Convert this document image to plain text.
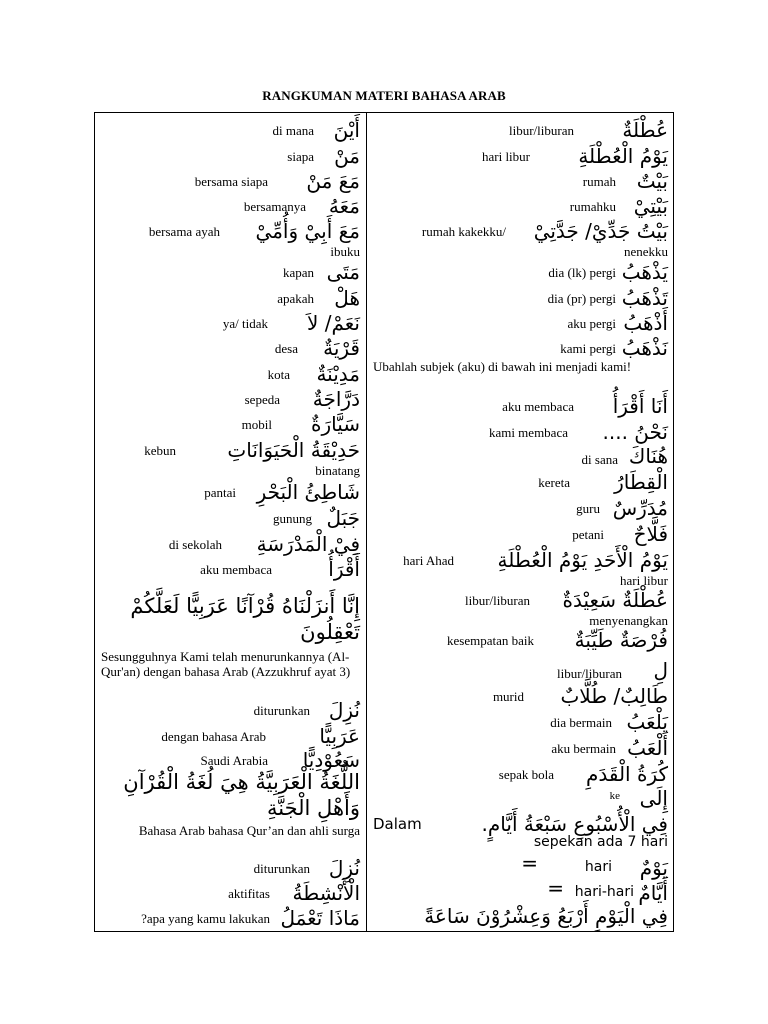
RANGKUMAN MATERI BAHASA ARAB
أَيْنَ
di mana
مَنْ
siapa
مَعَ مَنْ
bersama siapa
مَعَهُ
bersamanya
مَعَ أَبِيْ وَأُمِّيْ
bersama ayah
ibuku
مَتَى
kapan
هَلْ
apakah
نَعَمْ/ لاَ
ya/ tidak
قَرْيَةٌ
desa
مَدِيْنَةٌ
kota
دَرَّاجَةٌ
sepeda
سَيَّارَةٌ
mobil
حَدِيْقَةُ الْحَيَوَانَاتِ
kebun
binatang
شَاطِئُ الْبَحْرِ
pantai
جَبَلٌ
gunung
فِيْ الْمَدْرَسَةِ
di sekolah
أَقْرَأُ
aku membaca
إِنَّا أَنزَلْنَاهُ قُرْآنًا عَرَبِيًّا لَعَلَّكُمْ تَعْقِلُونَ
Sesungguhnya Kami telah menurunkannya (Al-Qur'an) dengan bahasa Arab (Azzukhruf ayat 3)
نُزِلَ
diturunkan
عَرَبِيًّا
dengan bahasa Arab
سَعُوْدِيًّا
Saudi Arabia
اللُّغَةُ الْعَرَبِيَّةُ هِيَ لُغَةُ الْقُرْآنِ وَأَهْلِ الْجَنَّةِ
Bahasa Arab bahasa Qur’an dan ahli surga
نُزِلَ
diturunkan
الْأَنْشِطَةُ
aktifitas
مَاذَا تَعْمَلُ
?apa yang kamu lakukan
عُطْلَةٌ
libur/liburan
يَوْمُ الْعُطْلَةِ
hari libur
بَيْتٌ
rumah
بَيْتِيْ
rumahku
بَيْتُ جَدِّيْ/ جَدَّتِيْ
rumah kakekku/
nenekku
يَذْهَبُ
dia (lk) pergi
تَذْهَبُ
dia (pr) pergi
أَذْهَبُ
aku pergi
نَذْهَبُ
kami pergi
Ubahlah subjek (aku) di bawah ini menjadi kami!
أَنَا أَقْرَأُ
aku membaca
نَحْنُ ....
kami membaca
هُنَاكَ
di sana
الْقِطَارُ
kereta
مُدَرِّسٌ
guru
فَلَّاحٌ
petani
يَوْمُ الْأَحَدِ يَوْمُ الْعُطْلَةِ
hari Ahad
hari libur
عُطْلَةٌ سَعِيْدَةٌ
libur/liburan
menyenangkan
فُرْصَةٌ طَيِّبَةٌ
kesempatan baik
لِ
libur/liburan
طَالِبٌ/ طُلَّابٌ
murid
يَلْعَبُ
dia bermain
أَلْعَبُ
aku bermain
كُرَةُ الْقَدَمِ
sepak bola
إِلَى
ke
فِي الْأُسْبُوعِ سَبْعَةُ أَيَّامٍ.
Dalam
sepekan ada 7 hari
يَوْمٌ
hari
=
أَيَّامٌ
hari-hari
=
فِي الْيَوْمِ أَرْبَعُ وَعِشْرُوْنَ سَاعَةً
